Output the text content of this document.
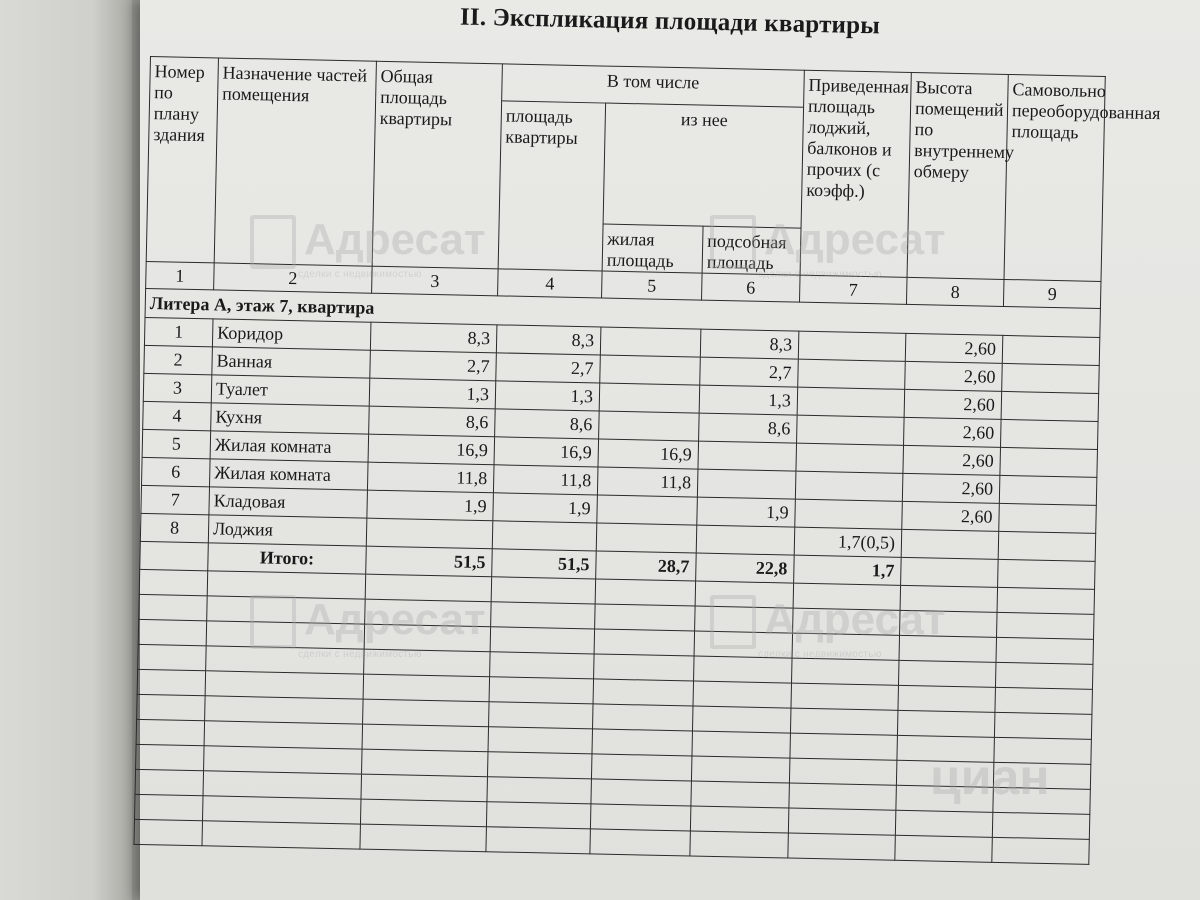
II. Экспликация площади квартиры
Номер по плану здания	Назначение частей помещения	Общая площадь квартиры	В том числе			Приведенная площадь лоджий, балконов и прочих (с коэфф.)	Высота помещений по внутреннему обмеру	Самовольно переоборудованная площадь
			площадь квартиры	из нее				
				жилая площадь	подсобная площадь			
1	2	3	4	5	6	7	8	9
Литера А, этаж 7, квартира								
1	Коридор	8,3	8,3		8,3		2,60	
2	Ванная	2,7	2,7		2,7		2,60	
3	Туалет	1,3	1,3		1,3		2,60	
4	Кухня	8,6	8,6		8,6		2,60	
5	Жилая комната	16,9	16,9	16,9			2,60	
6	Жилая комната	11,8	11,8	11,8			2,60	
7	Кладовая	1,9	1,9		1,9		2,60	
8	Лоджия					1,7(0,5)		
	Итого:	51,5	51,5	28,7	22,8	1,7		

Адресат
сделки с недвижимостью
Адресат
сделки с недвижимостью
Адресат
сделки с недвижимостью
Адресат
сделки с недвижимостью
циан
